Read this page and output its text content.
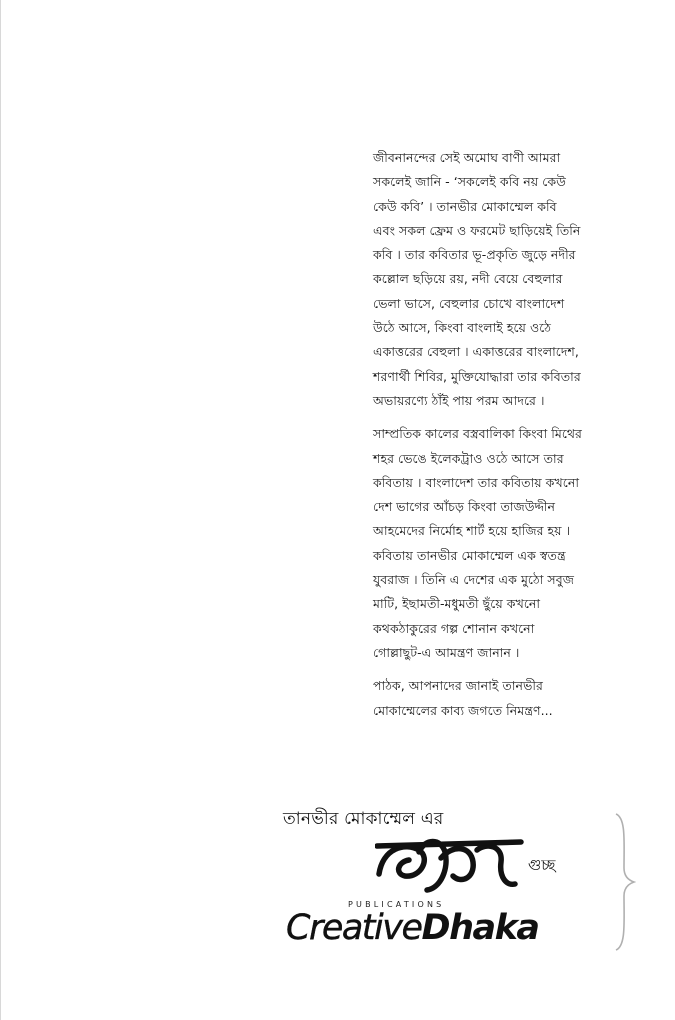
জীবনানন্দের সেই অমোঘ বাণী আমরা
সকলেই জানি - ‘সকলেই কবি নয় কেউ
কেউ কবি’ । তানভীর মোকাম্মেল কবি
এবং সকল ফ্রেম ও ফরমেট ছাড়িয়েই তিনি
কবি । তার কবিতার ভূ-প্রকৃতি জুড়ে নদীর
কল্লোল ছড়িয়ে রয়, নদী বেয়ে বেহুলার
ভেলা ভাসে, বেহুলার চোখে বাংলাদেশ
উঠে আসে, কিংবা বাংলাই হয়ে ওঠে
একাত্তরের বেহুলা । একাত্তরের বাংলাদেশ,
শরণার্থী শিবির, মুক্তিযোদ্ধারা তার কবিতার
অভায়রণ্যে ঠাঁই পায় পরম আদরে ।

সাম্প্রতিক কালের বস্ত্রবালিকা কিংবা মিথের
শহর ভেঙে ইলেকট্রাও ওঠে আসে তার
কবিতায় । বাংলাদেশ তার কবিতায় কখনো
দেশ ভাগের আঁচড় কিংবা তাজউদ্দীন
আহমেদের নির্মোহ শার্ট হয়ে হাজির হয় ।
কবিতায় তানভীর মোকাম্মেল এক স্বতন্ত্র
যুবরাজ । তিনি এ দেশের এক মুঠো সবুজ
মাটি, ইছামতী-মধুমতী ছুঁয়ে কখনো
কথকঠাকুরের গল্প শোনান কখনো
গোল্লাছুট-এ আমন্ত্রণ জানান ।

পাঠক, আপনাদের জানাই তানভীর
মোকাম্মেলের কাব্য জগতে নিমন্ত্রণ...

তানভীর মোকাম্মেল এর
গুচ্ছ
PUBLICATIONS
CreativeDhaka
